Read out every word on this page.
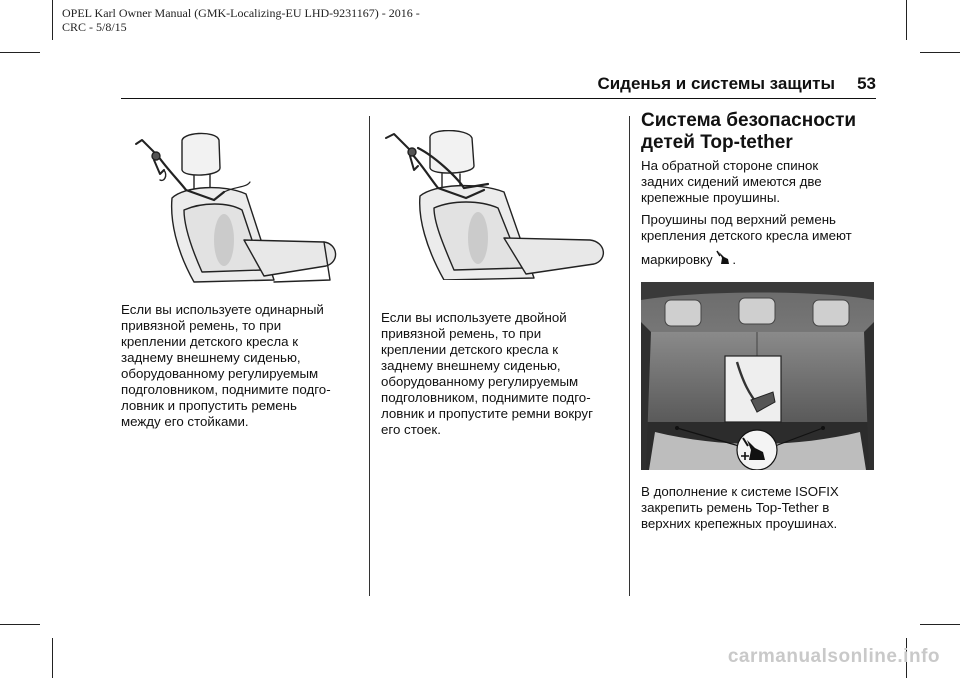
OPEL Karl Owner Manual (GMK-Localizing-EU LHD-9231167) - 2016 -
CRC - 5/8/15
Сиденья и системы защиты	53

Если вы используете одинарный

привязной ремень, то при

креплении детского кресла к

заднему внешнему сиденью,

оборудованному регулируемым

подголовником, поднимите подго-

ловник и пропустить ремень

между его стойками.

Если вы используете двойной

привязной ремень, то при

креплении детского кресла к

заднему внешнему сиденью,

оборудованному регулируемым

подголовником, поднимите подго-

ловник и пропустите ремни вокруг

его стоек.

Система безопасности
детей Top-tether

На обратной стороне спинок

задних сидений имеются две

крепежные проушины.

Проушины под верхний ремень

крепления детского кресла имеют

маркировку .

В дополнение к системе ISOFIX

закрепить ремень Top-Tether в

верхних крепежных проушинах.

carmanualsonline.info
